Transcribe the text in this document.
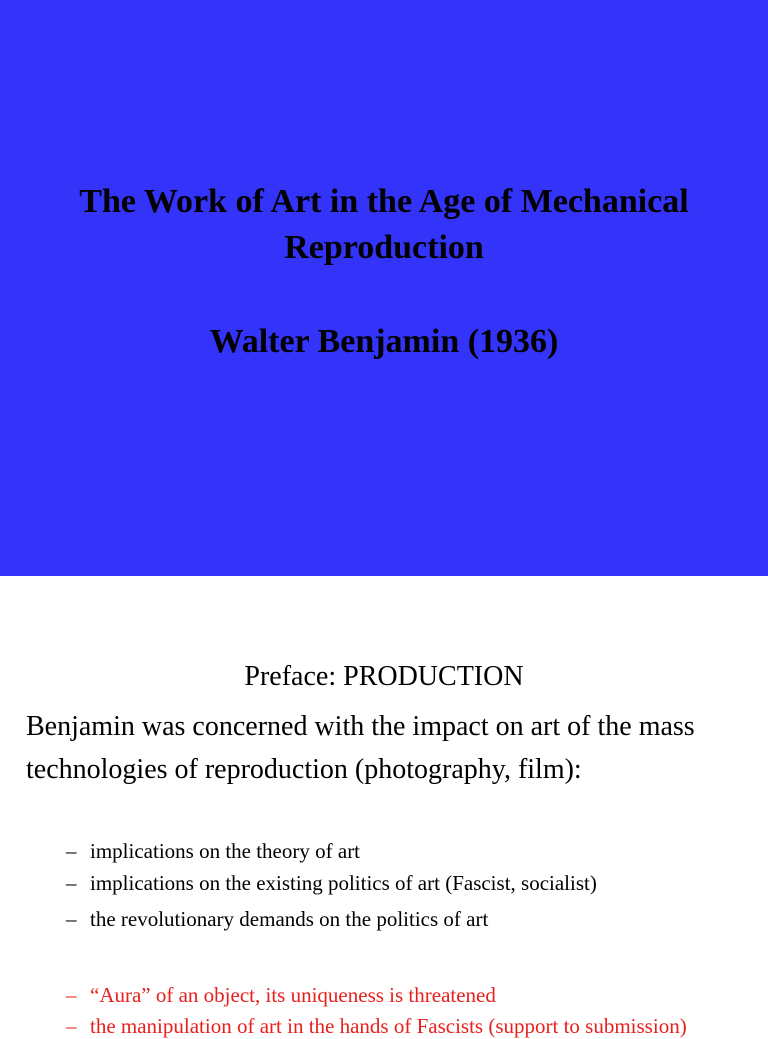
The Work of Art in the Age of Mechanical
Reproduction
Walter Benjamin (1936)
Preface: PRODUCTION
Benjamin was concerned with the impact on art of the mass
technologies of reproduction (photography, film):
– implications on the theory of art
– implications on the existing politics of art (Fascist, socialist)
– the revolutionary demands on the politics of art
– “Aura” of an object, its uniqueness is threatened
– the manipulation of art in the hands of Fascists (support to submission)
